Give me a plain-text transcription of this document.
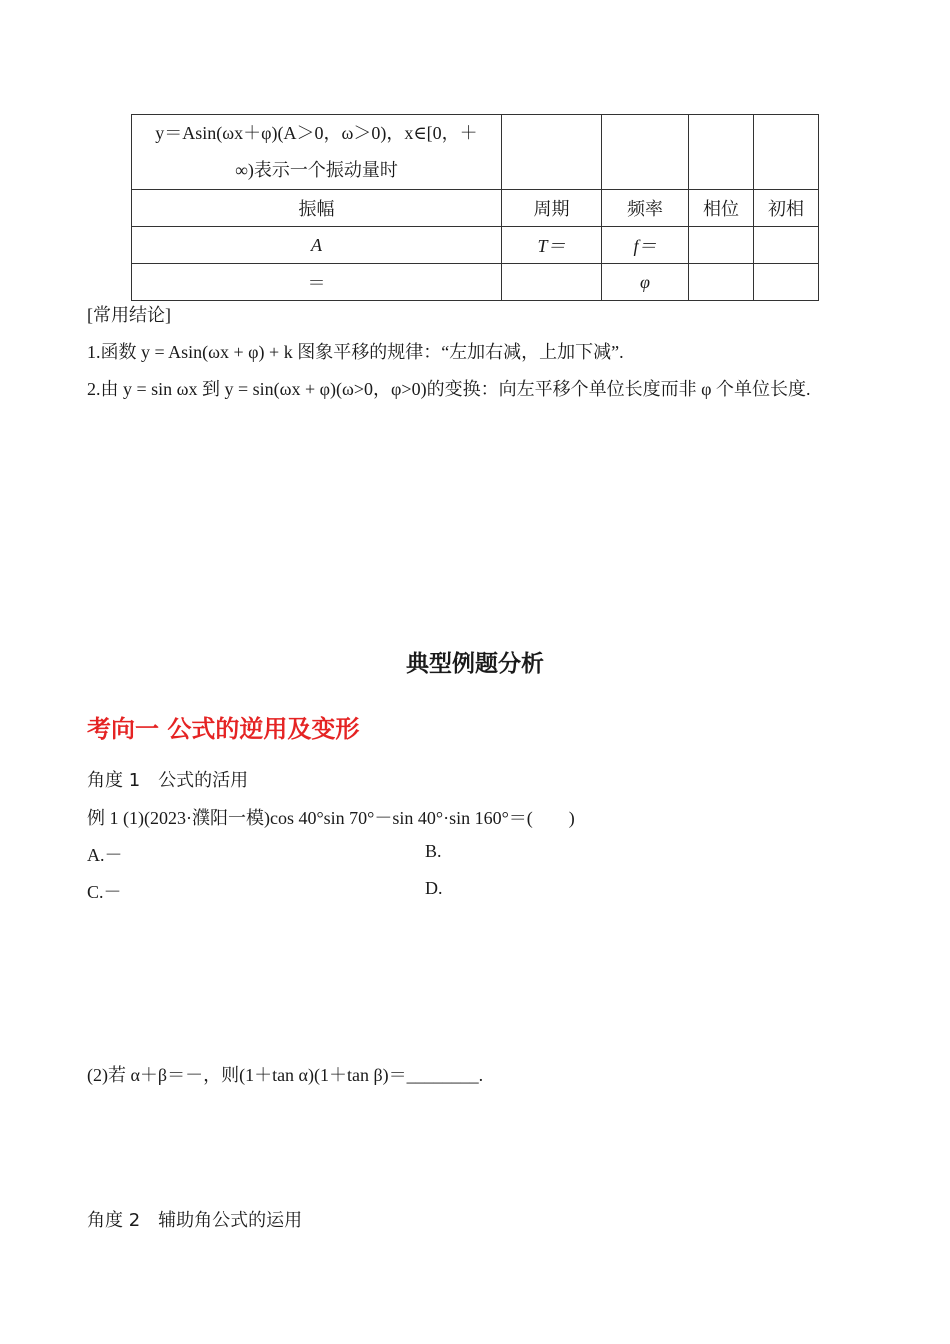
y＝Asin(ωx＋φ)(A＞0，ω＞0)，x∈[0，＋
∞)表示一个振动量时				

振幅	周期	频率	相位	初相
A	T＝	f＝		
＝		φ		
[常用结论]
1.函数 y = Asin(ωx + φ) + k 图象平移的规律：“左加右减，上加下减”.
2.由 y = sin ωx 到 y = sin(ωx + φ)(ω>0，φ>0)的变换：向左平移个单位长度而非 φ 个单位长度.
典型例题分析
考向一 公式的逆用及变形
角度 1　公式的活用
例 1 (1)(2023·濮阳一模)cos 40°sin 70°－sin 40°·sin 160°＝(　　)
A.－	B.
C.－	D.
(2)若 α＋β＝－，则(1＋tan α)(1＋tan β)＝________.
角度 2　辅助角公式的运用
